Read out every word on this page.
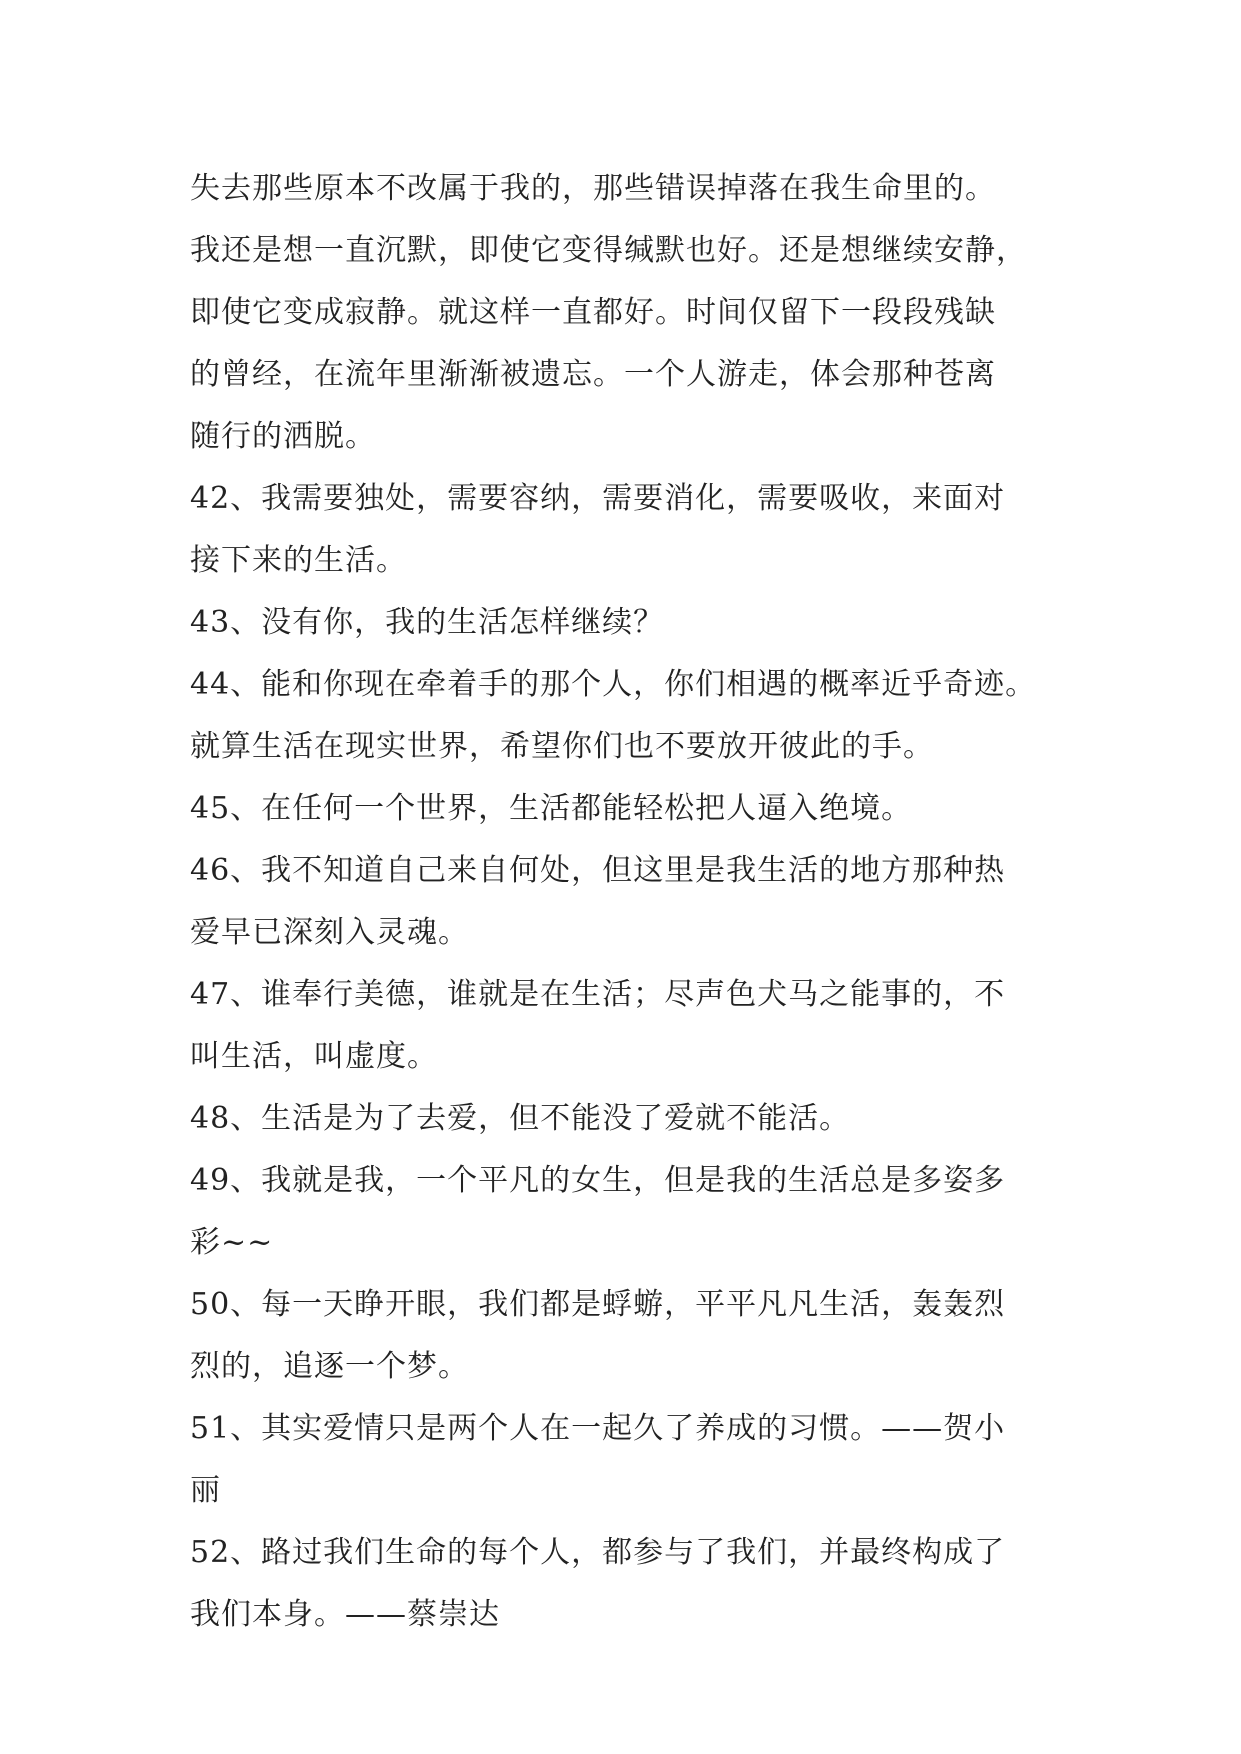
失去那些原本不改属于我的，那些错误掉落在我生命里的。
我还是想一直沉默，即使它变得缄默也好。还是想继续安静，
即使它变成寂静。就这样一直都好。时间仅留下一段段残缺
的曾经，在流年里渐渐被遗忘。一个人游走，体会那种苍离
随行的洒脱。
42、我需要独处，需要容纳，需要消化，需要吸收，来面对
接下来的生活。
43、没有你，我的生活怎样继续？
44、能和你现在牵着手的那个人，你们相遇的概率近乎奇迹。
就算生活在现实世界，希望你们也不要放开彼此的手。
45、在任何一个世界，生活都能轻松把人逼入绝境。
46、我不知道自己来自何处，但这里是我生活的地方那种热
爱早已深刻入灵魂。
47、谁奉行美德，谁就是在生活；尽声色犬马之能事的，不
叫生活，叫虚度。
48、生活是为了去爱，但不能没了爱就不能活。
49、我就是我，一个平凡的女生，但是我的生活总是多姿多
彩~~
50、每一天睁开眼，我们都是蜉蝣，平平凡凡生活，轰轰烈
烈的，追逐一个梦。
51、其实爱情只是两个人在一起久了养成的习惯。——贺小
丽
52、路过我们生命的每个人，都参与了我们，并最终构成了
我们本身。——蔡崇达
